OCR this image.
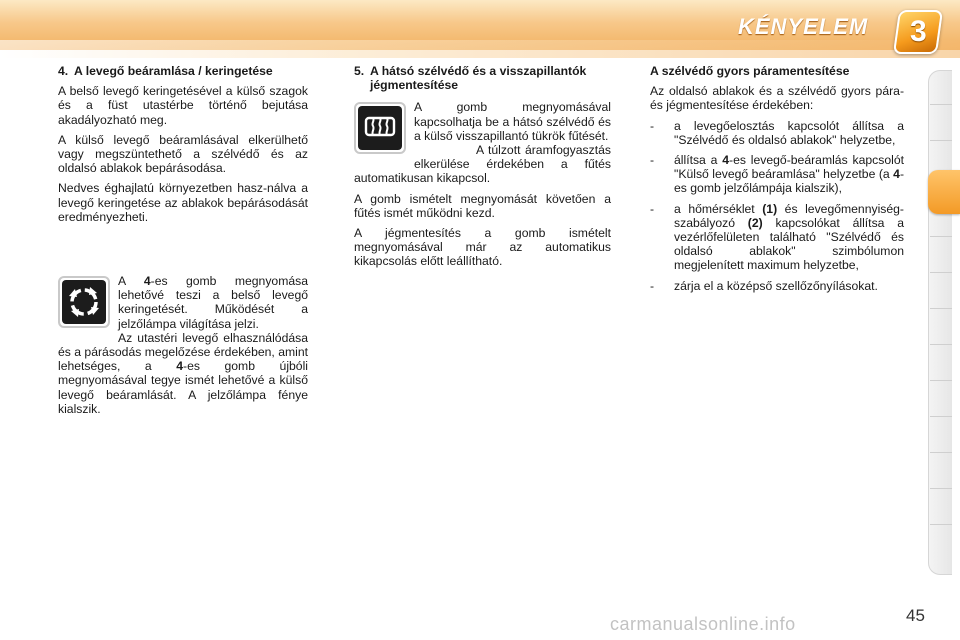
KÉNYELEM 3
4. A levegő beáramlása / keringetése

A belső levegő keringetésével a külső szagok és a füst utastérbe történő bejutása akadályozható meg.

A külső levegő beáramlásával elkerülhető vagy megszüntethető a szélvédő és az oldalsó ablakok bepárásodása.

Nedves éghajlatú környezetben hasz-nálva a levegő keringetése az ablakok bepárásodását eredményezheti.

A 4-es gomb megnyomása lehetővé teszi a belső levegő keringetését. Működését a jelzőlámpa világítása jelzi.

Az utastéri levegő elhasználódása és a párásodás megelőzése érdekében, amint lehetséges, a 4-es gomb újbóli megnyomásával tegye ismét lehetővé a külső levegő beáramlását. A jelzőlámpa fénye kialszik.

5. A hátsó szélvédő és a visszapillantók jégmentesítése

A gomb megnyomásával kapcsolhatja be a hátsó szélvédő és a külső visszapillantó tükrök fűtését.

A túlzott áramfogyasztás elkerülése érdekében a fűtés automatikusan kikapcsol.

A gomb ismételt megnyomását követően a fűtés ismét működni kezd.

A jégmentesítés a gomb ismételt megnyomásával már az automatikus kikapcsolás előtt leállítható.

A szélvédő gyors páramentesítése

Az oldalsó ablakok és a szélvédő gyors pára- és jégmentesítése érdekében:

- a levegőelosztás kapcsolót állítsa a "Szélvédő és oldalsó ablakok" helyzetbe,
- állítsa a 4-es levegő-beáramlás kapcsolót "Külső levegő beáramlása" helyzetbe (a 4-es gomb jelzőlámpája kialszik),
- a hőmérséklet (1) és levegőmennyiség-szabályozó (2) kapcsolókat állítsa a vezérlőfelületen található "Szélvédő és oldalsó ablakok" szimbólumon megjelenített maximum helyzetbe,
- zárja el a középső szellőzőnyílásokat.
carmanualsonline.info	45
